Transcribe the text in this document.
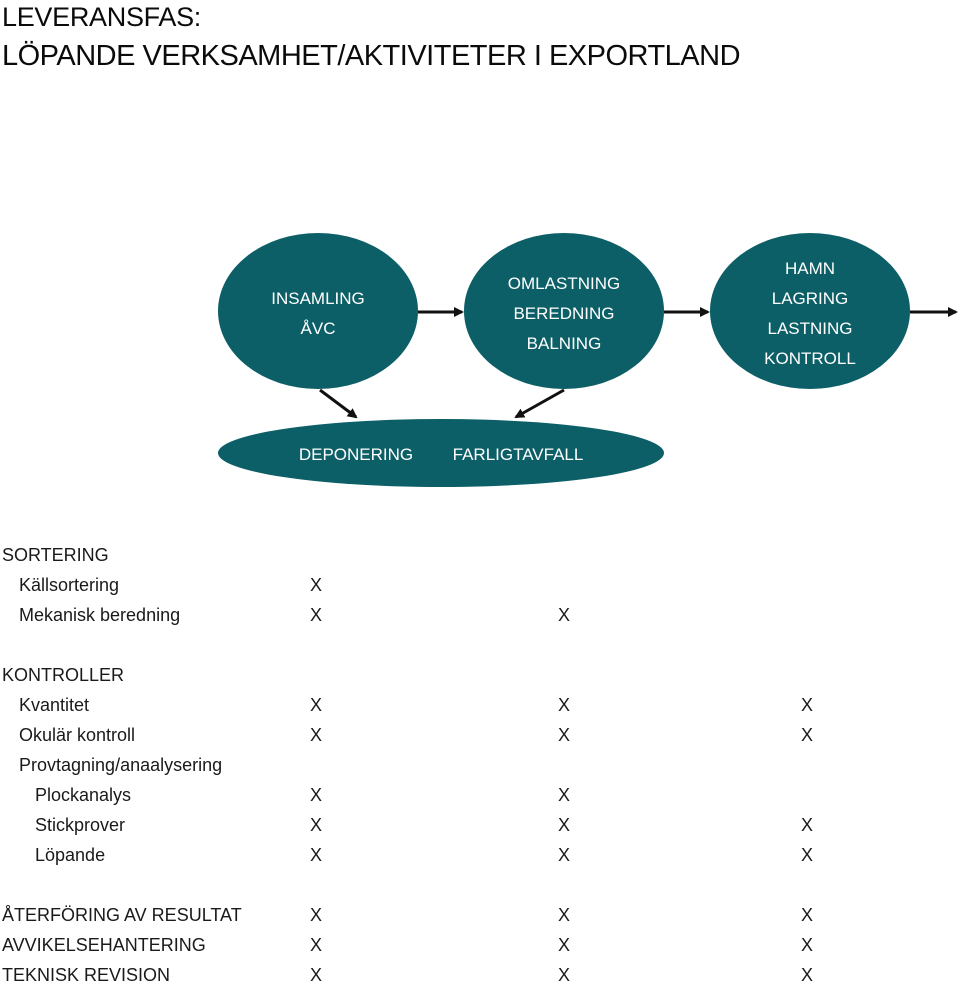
LEVERANSFAS:
LÖPANDE VERKSAMHET/AKTIVITETER I EXPORTLAND
INSAMLING
ÅVC
OMLASTNING
BEREDNING
BALNING
HAMN
LAGRING
LASTNING
KONTROLL
DEPONERING FARLIGTAVFALL
SORTERING
Källsortering	X
Mekanisk beredning	X	X
KONTROLLER
Kvantitet	X	X	X
Okulär kontroll	X	X	X
Provtagning/anaalysering
Plockanalys	X	X
Stickprover	X	X	X
Löpande	X	X	X
ÅTERFÖRING AV RESULTAT	X	X	X
AVVIKELSEHANTERING	X	X	X
TEKNISK REVISION	X	X	X
